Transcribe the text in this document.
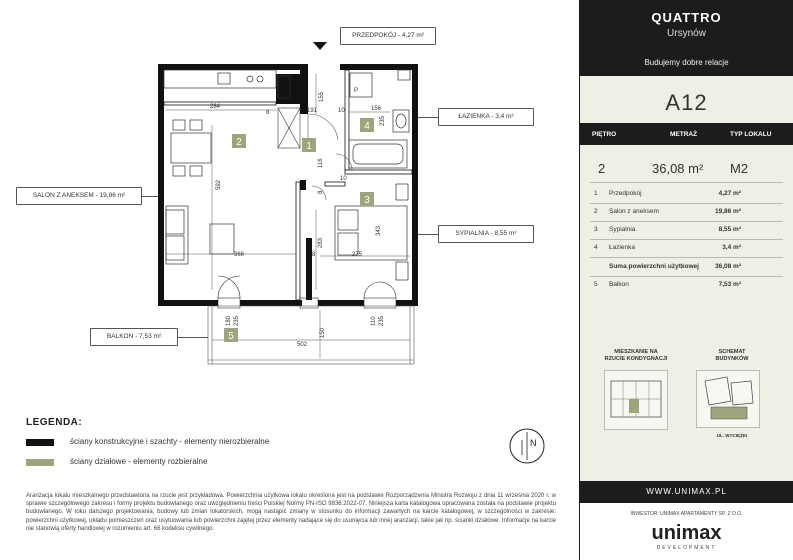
P
2	1
3
4
5
284
8	191
155
10	156
235
592
116
8
10
343
283
366	8	275
180 235
150
110 235
502
N
PRZEDPOKÓJ - 4,27 m²
ŁAZIENKA - 3,4 m²
SALON Z ANEKSEM - 19,86 m²
SYPIALNIA - 8,55 m²
BALKON - 7,53 m²
LEGENDA:
ściany konstrukcyjne i szachty - elementy nierozbieralne
ściany działowe - elementy rozbieralne
Aranżacja lokalu mieszkalnego przedstawiona na rzucie jest przykładowa. Powierzchnia użytkowa lokalu określona jest na podstawie Rozporządzenia Ministra Rozwoju z dnia 11 września 2020 r. w sprawie szczegółowego zakresu i formy projektu budowlanego oraz uwzględnieniu treści Polskiej Normy PN-ISO 9836:2022-07. Niniejsza karta katalogowa opracowana została na podstawie projektu budowlanego. W toku dalszego projektowania, budowy lub zmian lokatorskich, mogą nastąpić zmiany w stosunku do informacji zawartych na karcie katalogowej, w szczególności w zakresie: powierzchni użytkowej, układu pomieszczeń oraz usytuowania lub powierzchni zajętej przez elementy nadające się do usunięcia lub innej aranżacji, takie jak np. ścianki działowe. Informacje na karcie nie stanowią oferty handlowej w rozumieniu art. 66 kodeksu cywilnego.
QUATTRO
Ursynów
Budujemy dobre relacje
A12
PIĘTRO	METRAŻ	TYP LOKALU
2	36,08 m² M2
1 Przedpokój	4,27 m²
2 Salon z aneksem	19,86 m²
3 Sypialnia	8,55 m²
4 Łazienka	3,4 m²
Suma powierzchni użytkowej 36,08 m²
5 Balkon	7,53 m²
MIESZKANIE NA
RZUCIE KONDYGNACJI
SCHEMAT
BUDYNKÓW
UL. WYCIĘŻKI
WWW.UNIMAX.PL
INWESTOR: UNIMAX APARTAMENTY SP. Z O.O.
unimax
DEVELOPMENT
